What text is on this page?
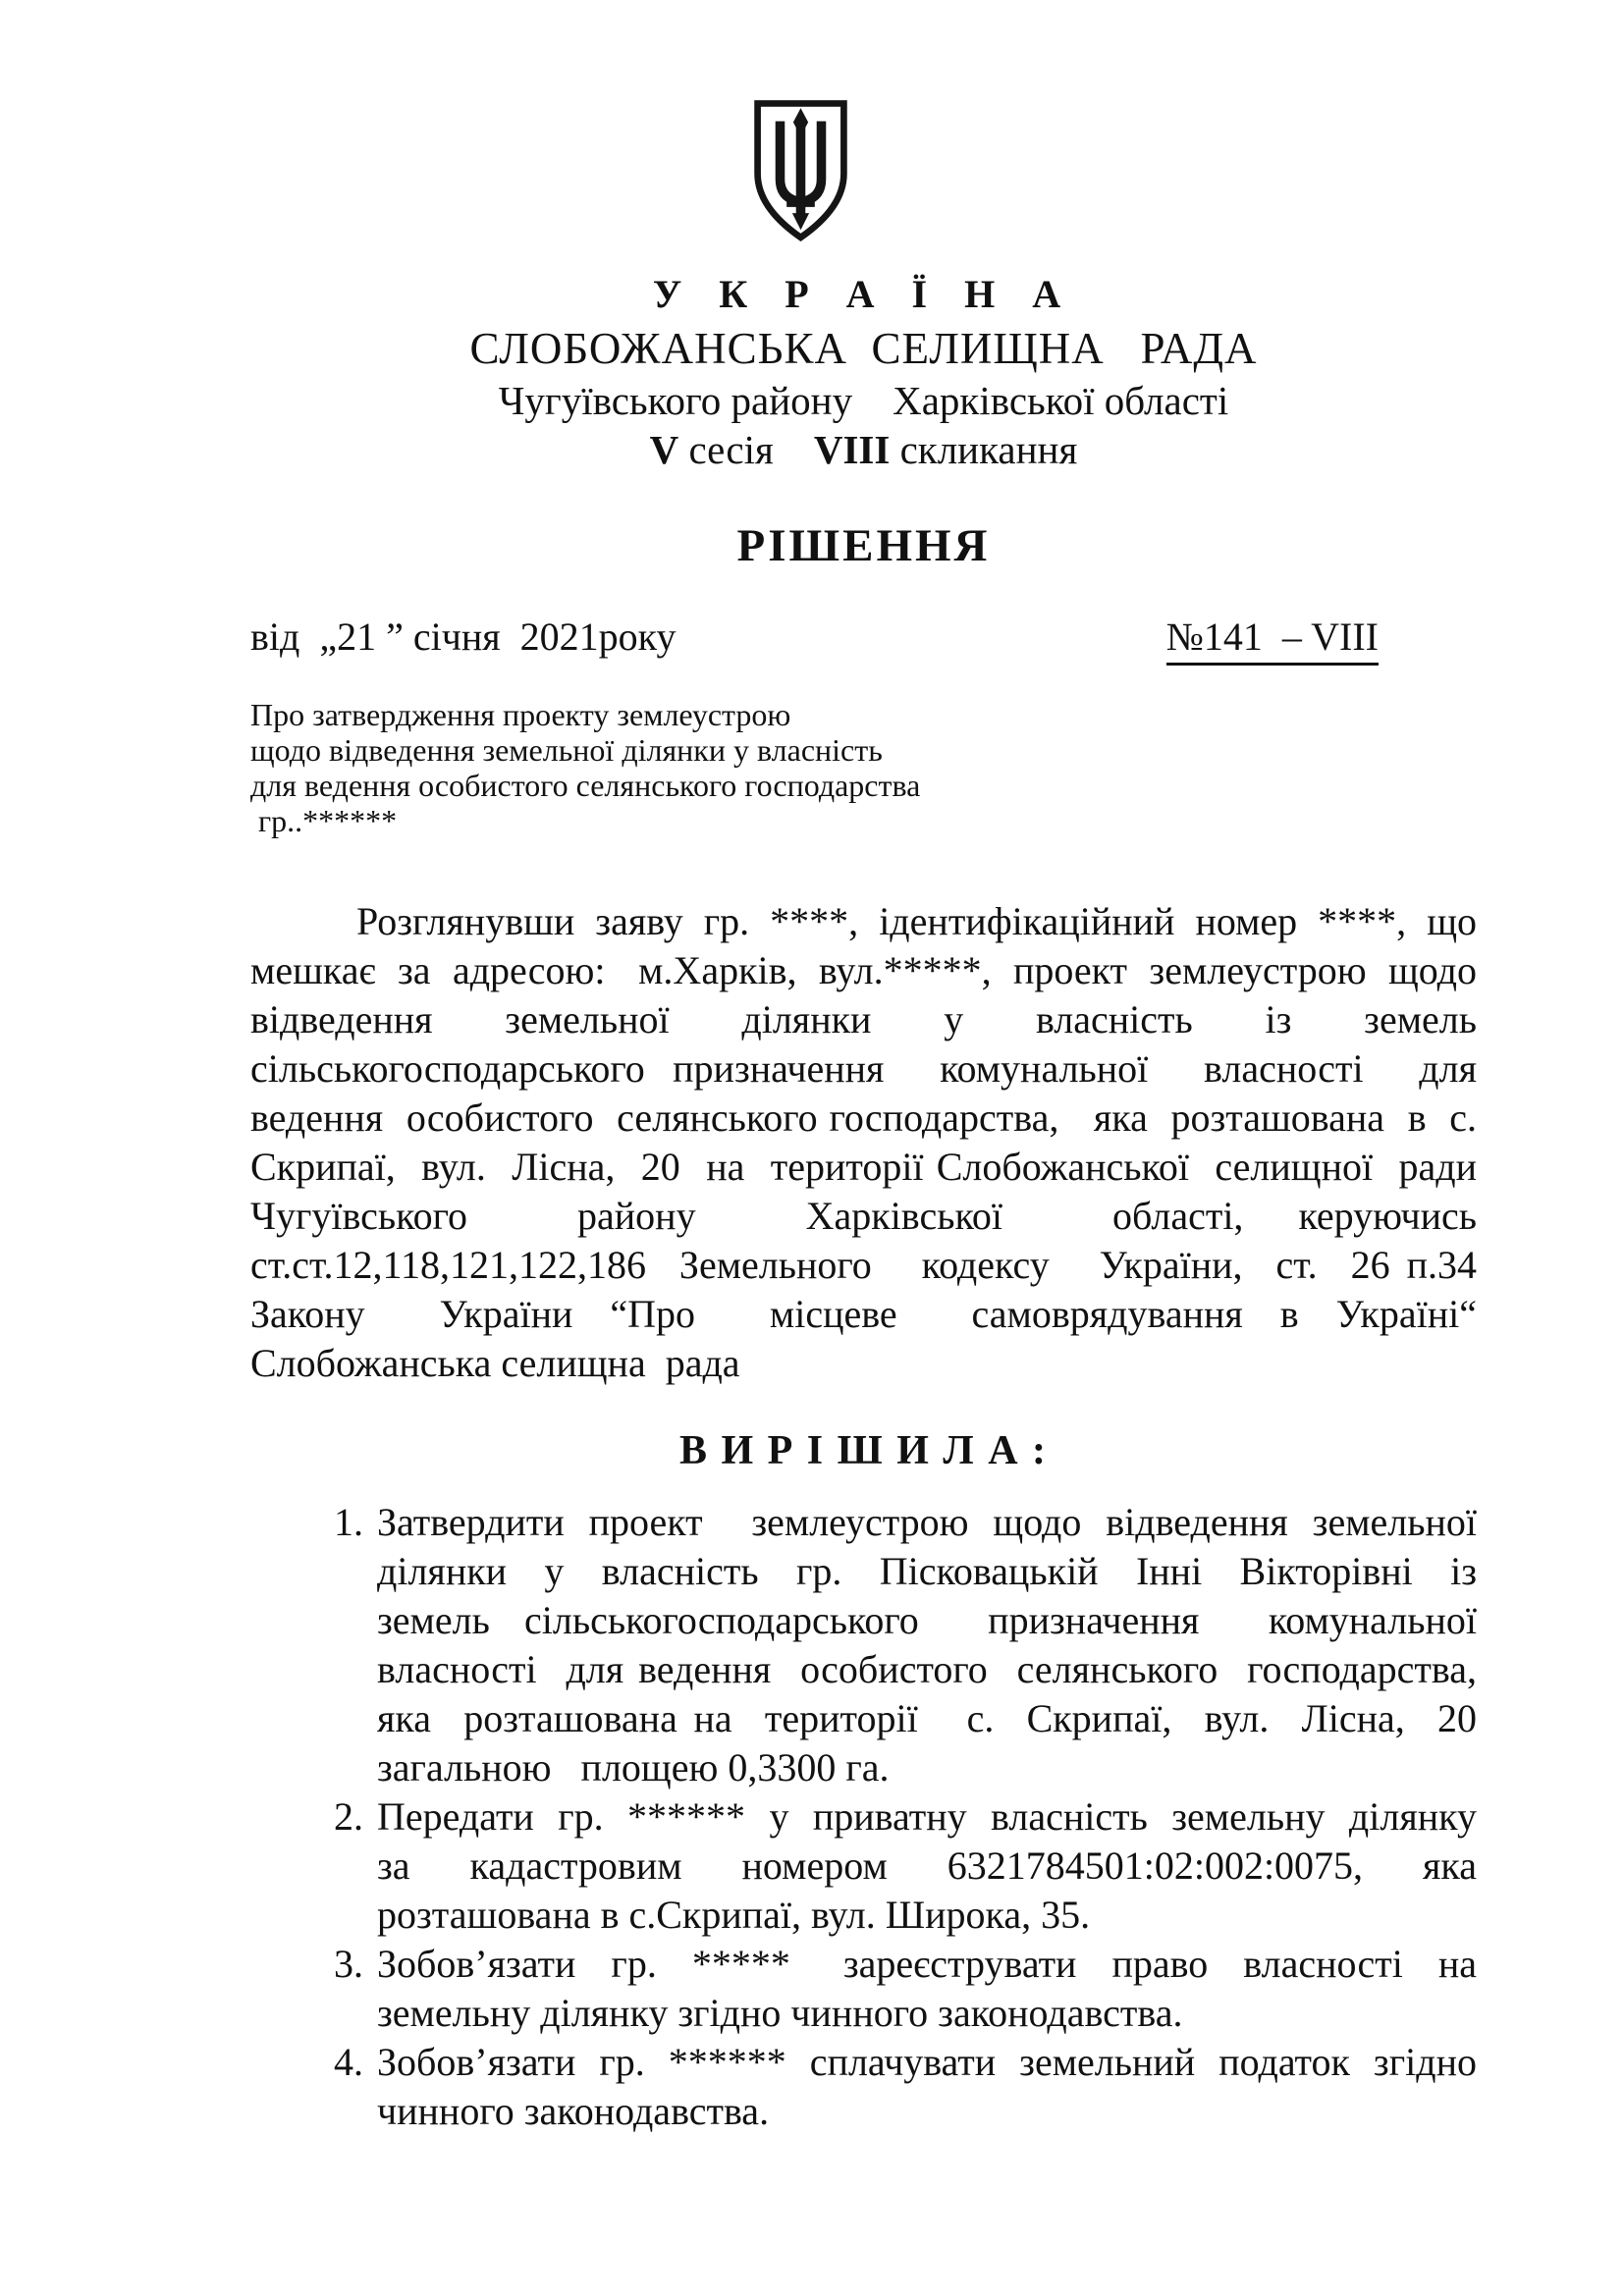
У К Р А Ї Н А
СЛОБОЖАНСЬКА  СЕЛИЩНА   РАДА
Чугуївського району    Харківської області
V сесія    VIII скликання
РІШЕННЯ
від  „21 ” січня  2021року	№141  – VIII
Про затвердження проекту землеустрою
щодо відведення земельної ділянки у власність
для ведення особистого селянського господарства
гр..******
Розглянувши  заяву  гр.  ****,  ідентифікаційний  номер  ****,  що мешкає  за  адресою:   м.Харків,  вул.*****,  проект  землеустрою  щодо відведення земельної ділянки у власність із земель сільськогосподарського призначення  комунальної  власності  для  ведення  особистого  селянського господарства,   яка  розташована  в  с.  Скрипаї,  вул.  Лісна,  20  на  території Слобожанської  селищної  ради  Чугуївського  району  Харківської  області, керуючись  ст.ст.12,118,121,122,186  Земельного   кодексу   України,  ст.  26 п.34    Закону    України  “Про    місцеве    самоврядування  в  Україні“ Слобожанська селищна  рада
В И Р І Ш И Л А :
1. Затвердити  проект    землеустрою  щодо  відведення  земельної ділянки  у  власність  гр.  Пісковацькій  Інні  Вікторівні  із  земель сільськогосподарського  призначення  комунальної  власності  для ведення  особистого  селянського  господарства,   яка  розташована на  території   с.  Скрипаї,  вул.  Лісна,  20     загальною   площею 0,3300 га.
2. Передати  гр.  ******  у  приватну  власність  земельну  ділянку  за кадастровим номером 6321784501:02:002:0075, яка розташована в с.Скрипаї, вул. Широка, 35.
3. Зобов’язати  гр.  *****   зареєструвати  право  власності  на  земельну ділянку згідно чинного законодавства.
4. Зобов’язати  гр.  ******  сплачувати  земельний  податок  згідно чинного законодавства.
